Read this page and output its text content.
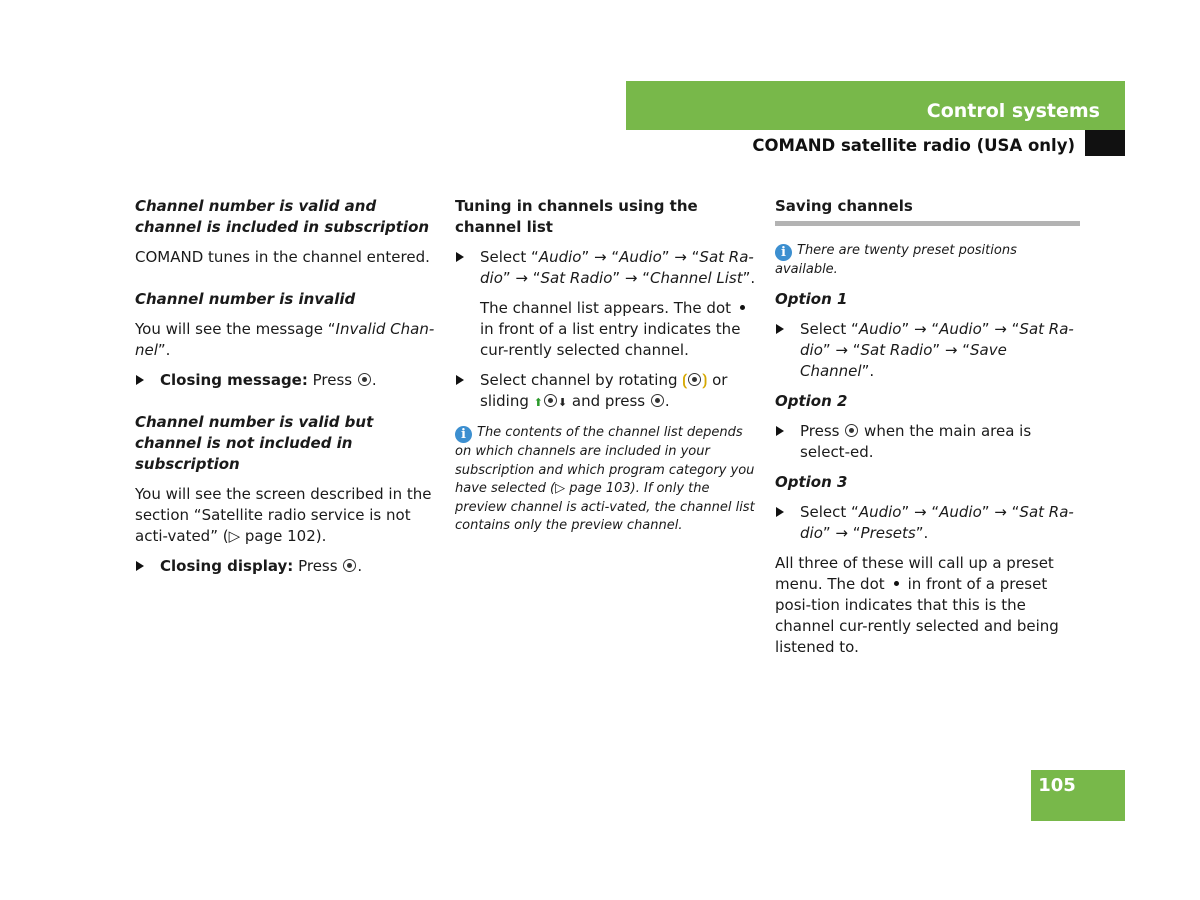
Control systems
COMAND satellite radio (USA only)

Channel number is valid and channel is included in subscription

COMAND tunes in the channel entered.

Channel number is invalid

You will see the message “Invalid Chan-nel”.

Closing message: Press .

Channel number is valid but channel is not included in subscription

You will see the screen described in the section “Satellite radio service is not acti-vated” (▷ page 102).

Closing display: Press .

Tuning in channels using the channel list

Select “Audio” → “Audio” → “Sat Ra-dio” → “Sat Radio” → “Channel List”.

The channel list appears. The dotin front of a list entry indicates the cur-rently selected channel.

Select channel by rotating ⟮ ⟯ or sliding ⬆ ⬇ and press .

i The contents of the channel list depends on which channels are included in your subscription and which program category you have selected (▷ page 103). If only the preview channel is acti-vated, the channel list contains only the preview channel.

Saving channels

i There are twenty preset positions available.

Option 1

Select “Audio” → “Audio” → “Sat Ra-dio” → “Sat Radio” → “Save Channel”.

Option 2

Press when the main area is select-ed.

Option 3

Select “Audio” → “Audio” → “Sat Ra-dio” → “Presets”.

All three of these will call up a preset menu. The dot in front of a preset posi-tion indicates that this is the channel cur-rently selected and being listened to.

105
